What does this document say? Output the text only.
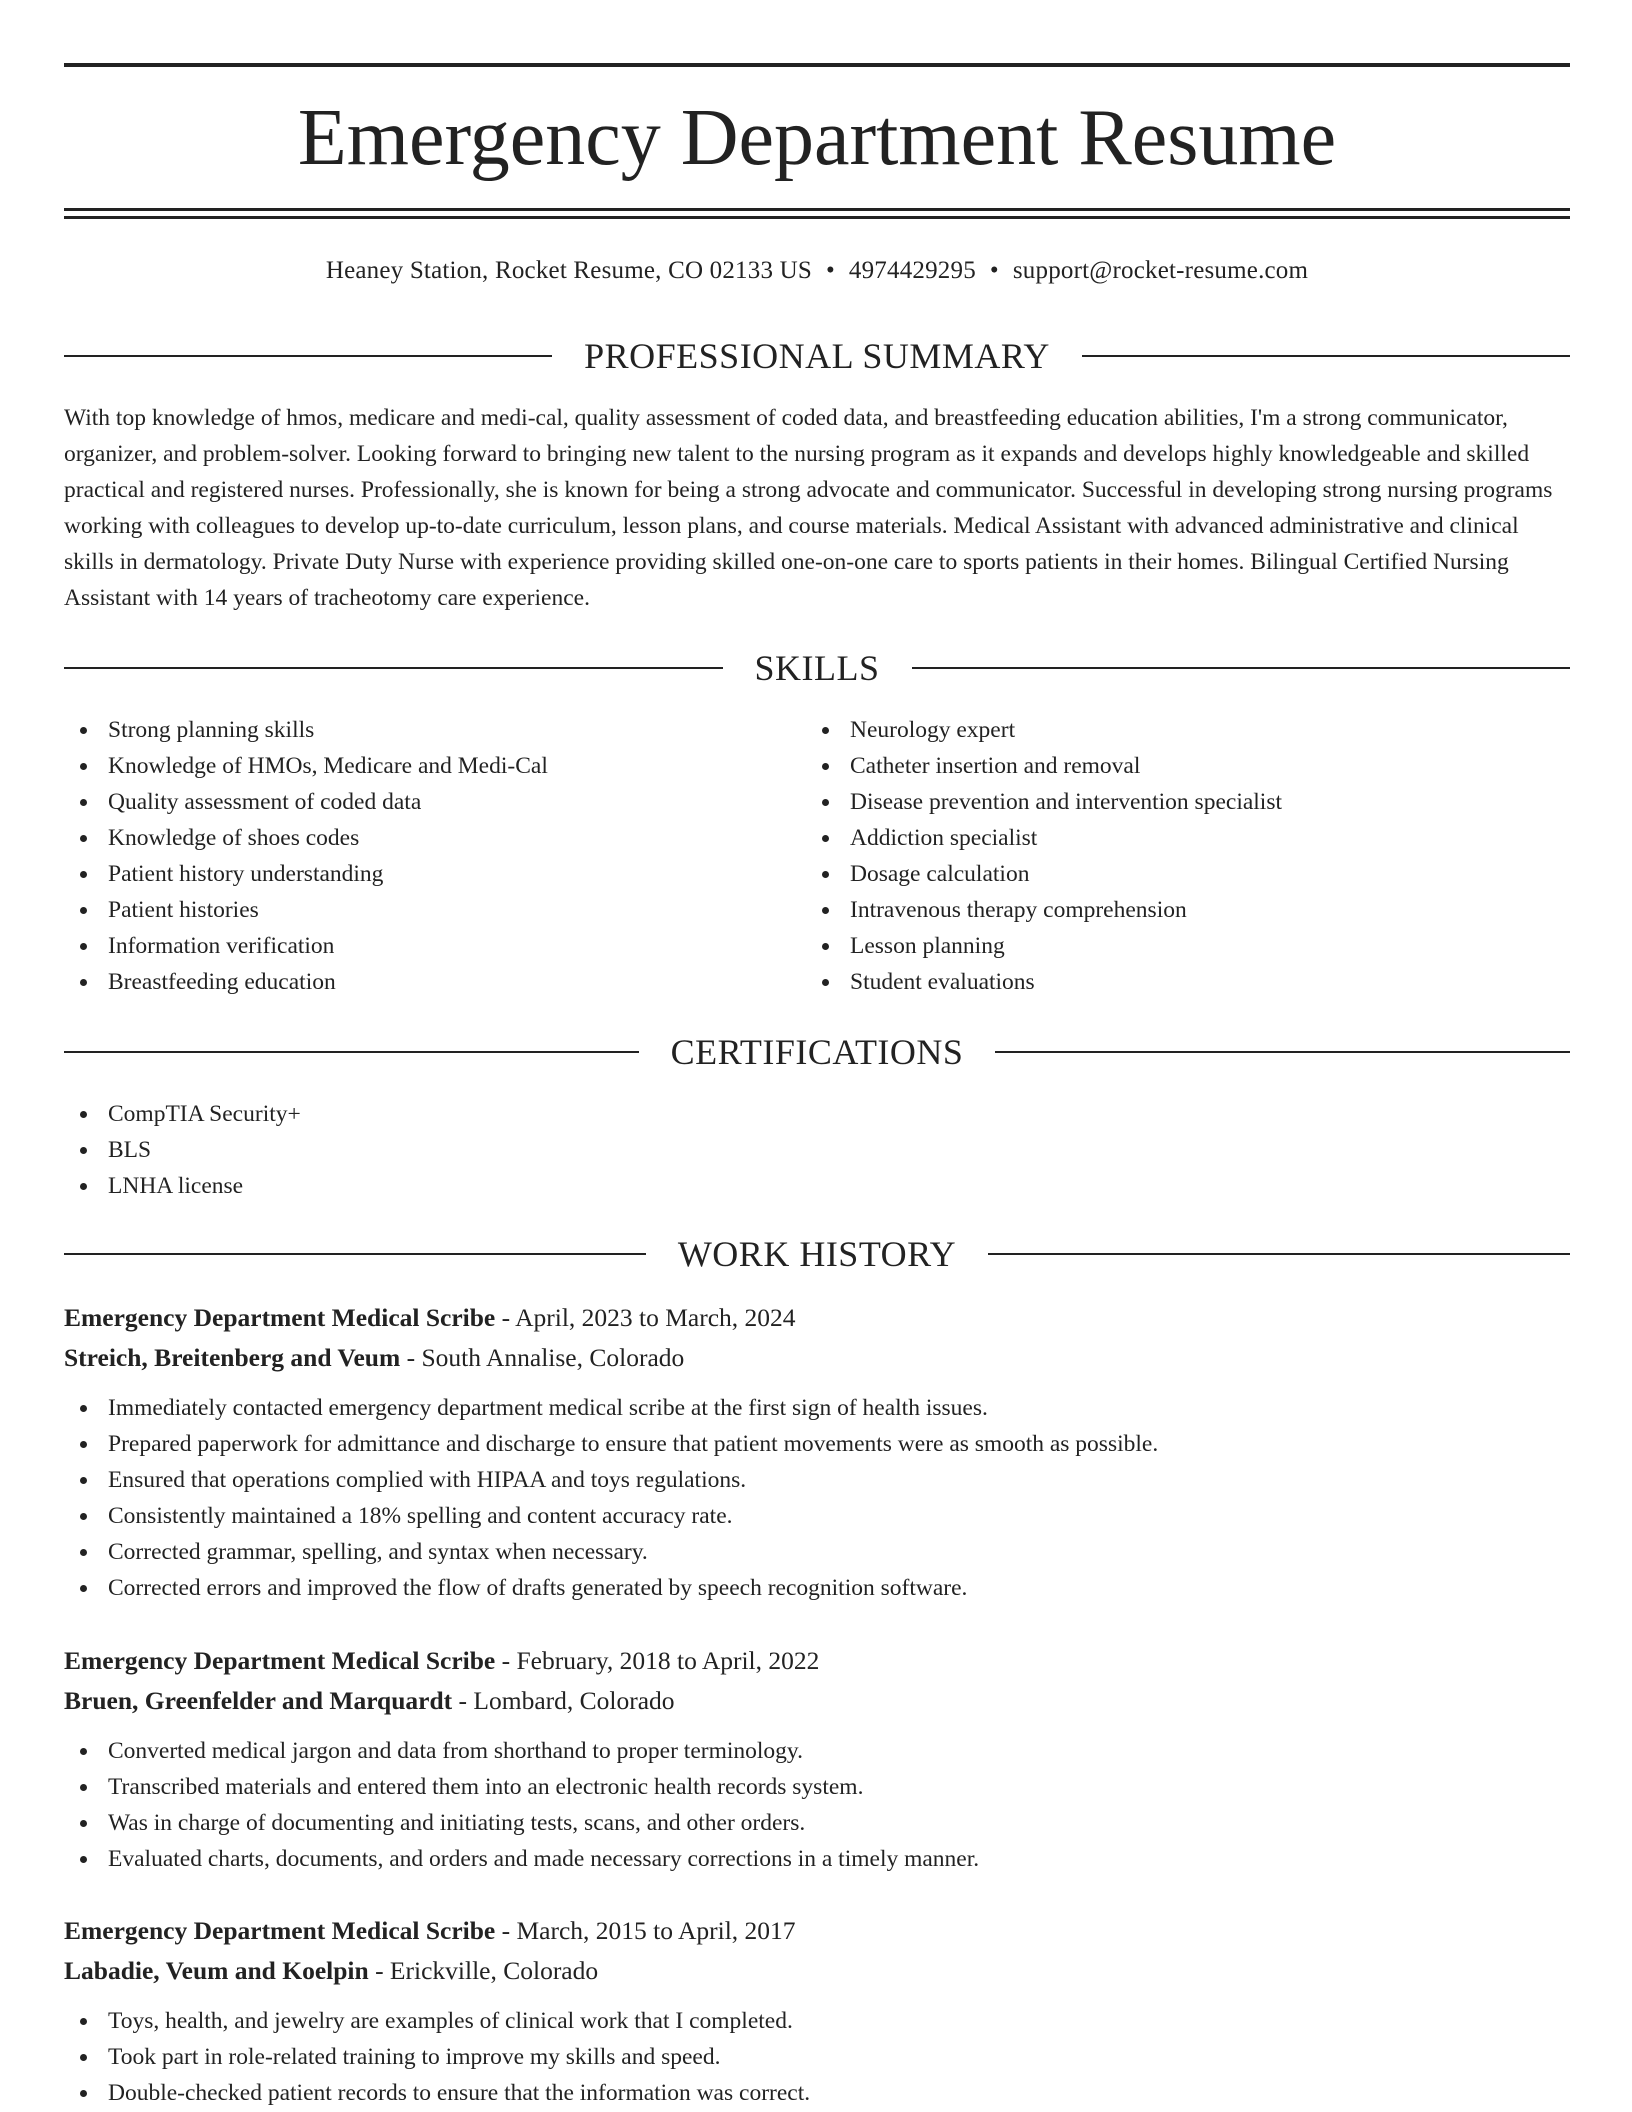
Emergency Department Resume
Heaney Station, Rocket Resume, CO 02133 US • 4974429295 • support@rocket-resume.com
PROFESSIONAL SUMMARY

With top knowledge of hmos, medicare and medi-cal, quality assessment of coded data, and breastfeeding education abilities, I'm a strong communicator, organizer, and problem-solver. Looking forward to bringing new talent to the nursing program as it expands and develops highly knowledgeable and skilled practical and registered nurses. Professionally, she is known for being a strong advocate and communicator. Successful in developing strong nursing programs working with colleagues to develop up-to-date curriculum, lesson plans, and course materials. Medical Assistant with advanced administrative and clinical skills in dermatology. Private Duty Nurse with experience providing skilled one-on-one care to sports patients in their homes. Bilingual Certified Nursing Assistant with 14 years of tracheotomy care experience.

SKILLS
Strong planning skills
Knowledge of HMOs, Medicare and Medi-Cal
Quality assessment of coded data
Knowledge of shoes codes
Patient history understanding
Patient histories
Information verification
Breastfeeding education
Neurology expert
Catheter insertion and removal
Disease prevention and intervention specialist
Addiction specialist
Dosage calculation
Intravenous therapy comprehension
Lesson planning
Student evaluations
CERTIFICATIONS
CompTIA Security+
BLS
LNHA license
WORK HISTORY
Emergency Department Medical Scribe - April, 2023 to March, 2024
Streich, Breitenberg and Veum - South Annalise, Colorado
Immediately contacted emergency department medical scribe at the first sign of health issues.
Prepared paperwork for admittance and discharge to ensure that patient movements were as smooth as possible.
Ensured that operations complied with HIPAA and toys regulations.
Consistently maintained a 18% spelling and content accuracy rate.
Corrected grammar, spelling, and syntax when necessary.
Corrected errors and improved the flow of drafts generated by speech recognition software.
Emergency Department Medical Scribe - February, 2018 to April, 2022
Bruen, Greenfelder and Marquardt - Lombard, Colorado
Converted medical jargon and data from shorthand to proper terminology.
Transcribed materials and entered them into an electronic health records system.
Was in charge of documenting and initiating tests, scans, and other orders.
Evaluated charts, documents, and orders and made necessary corrections in a timely manner.
Emergency Department Medical Scribe - March, 2015 to April, 2017
Labadie, Veum and Koelpin - Erickville, Colorado
Toys, health, and jewelry are examples of clinical work that I completed.
Took part in role-related training to improve my skills and speed.
Double-checked patient records to ensure that the information was correct.
